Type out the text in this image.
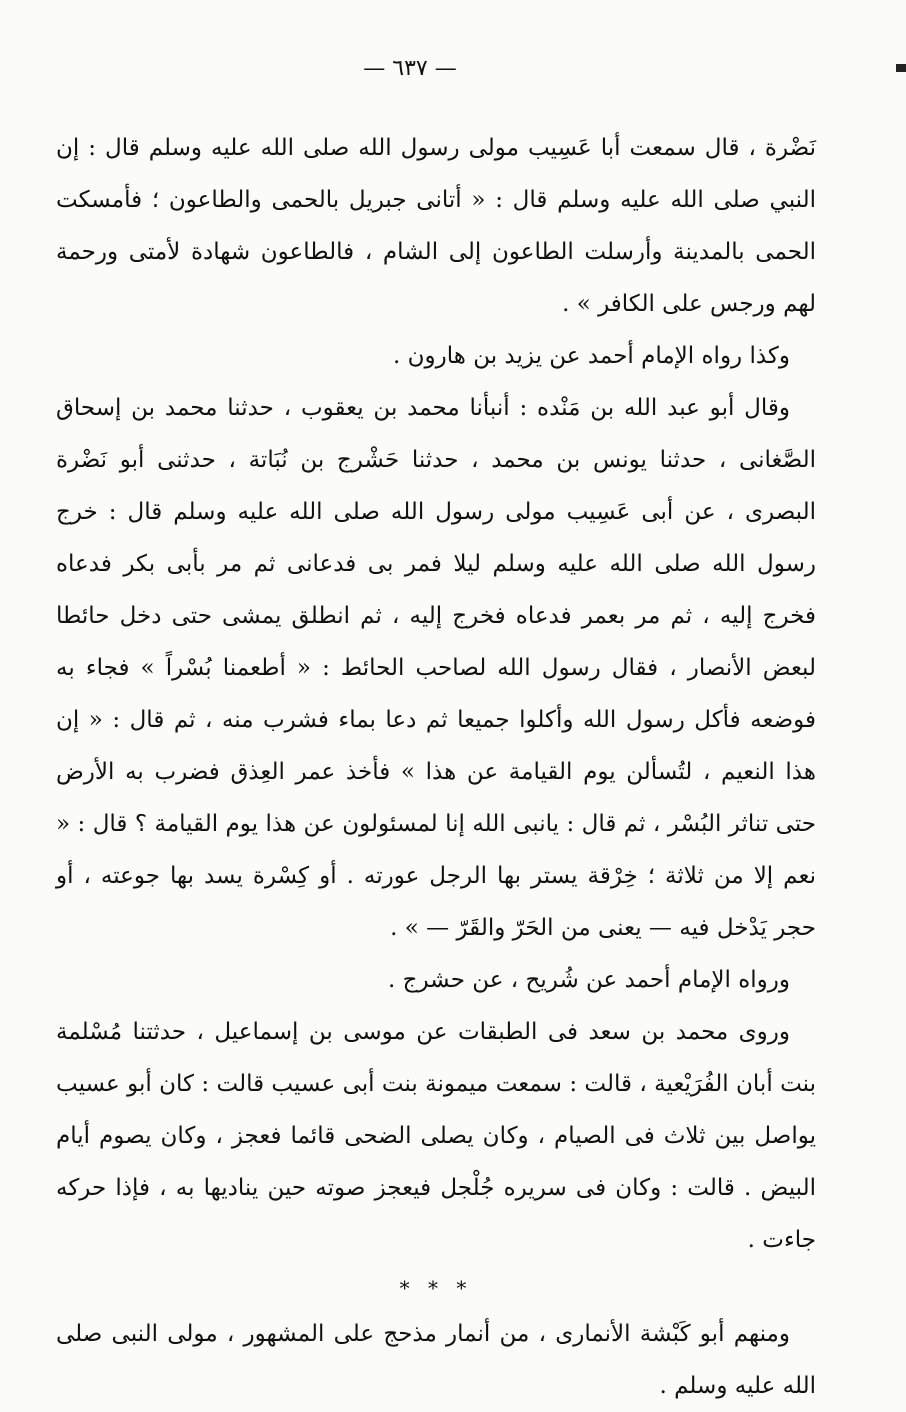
— ٦٣٧ —

نَضْرة ، قال سمعت أبا عَسِيب مولى رسول الله صلى الله عليه وسلم قال : إن النبي صلى الله عليه وسلم قال : « أتانى جبريل بالحمى والطاعون ؛ فأمسكت الحمى بالمدينة وأرسلت الطاعون إلى الشام ، فالطاعون شهادة لأمتى ورحمة لهم ورجس على الكافر » .

وكذا رواه الإمام أحمد عن يزيد بن هارون .

وقال أبو عبد الله بن مَنْده : أنبأنا محمد بن يعقوب ، حدثنا محمد بن إسحاق الصَّغانى ، حدثنا يونس بن محمد ، حدثنا حَشْرج بن نُبَاتة ، حدثنى أبو نَضْرة البصرى ، عن أبى عَسِيب مولى رسول الله صلى الله عليه وسلم قال : خرج رسول الله صلى الله عليه وسلم ليلا فمر بى فدعانى ثم مر بأبى بكر فدعاه فخرج إليه ، ثم مر بعمر فدعاه فخرج إليه ، ثم انطلق يمشى حتى دخل حائطا لبعض الأنصار ، فقال رسول الله لصاحب الحائط : « أطعمنا بُسْراً » فجاء به فوضعه فأكل رسول الله وأكلوا جميعا ثم دعا بماء فشرب منه ، ثم قال : « إن هذا النعيم ، لتُسألن يوم القيامة عن هذا » فأخذ عمر العِذق فضرب به الأرض حتى تناثر البُسْر ، ثم قال : يانبى الله إنا لمسئولون عن هذا يوم القيامة ؟ قال : « نعم إلا من ثلاثة ؛ خِرْقة يستر بها الرجل عورته . أو كِسْرة يسد بها جوعته ، أو حجر يَدْخل فيه — يعنى من الحَرّ والقَرّ — » .

ورواه الإمام أحمد عن شُريح ، عن حشرج .

وروى محمد بن سعد فى الطبقات عن موسى بن إسماعيل ، حدثتنا مُسْلمة بنت أبان الفُرَيْعية ، قالت : سمعت ميمونة بنت أبى عسيب قالت : كان أبو عسيب يواصل بين ثلاث فى الصيام ، وكان يصلى الضحى قائما فعجز ، وكان يصوم أيام البيض . قالت : وكان فى سريره جُلْجل فيعجز صوته حين يناديها به ، فإذا حركه جاءت .

* * *

ومنهم أبو كَبْشة الأنمارى ، من أنمار مذحج على المشهور ، مولى النبى صلى الله عليه وسلم .
